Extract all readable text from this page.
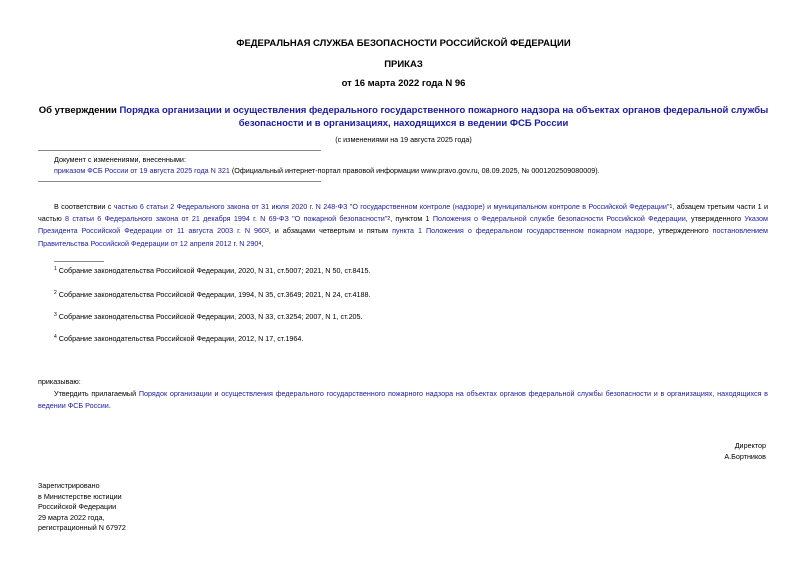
ФЕДЕРАЛЬНАЯ СЛУЖБА БЕЗОПАСНОСТИ РОССИЙСКОЙ ФЕДЕРАЦИИ
ПРИКАЗ
от 16 марта 2022 года N 96
Об утверждении Порядка организации и осуществления федерального государственного пожарного надзора на объектах органов федеральной службы
безопасности и в организациях, находящихся в ведении ФСБ России
(с изменениями на 19 августа 2025 года)
Документ с изменениями, внесенными:
приказом ФСБ России от 19 августа 2025 года N 321 (Официальный интернет-портал правовой информации www.pravo.gov.ru, 08.09.2025, № 0001202509080009).
В соответствии с частью 6 статьи 2 Федерального закона от 31 июля 2020 г. N 248-ФЗ "О государственном контроле (надзоре) и муниципальном контроле в Российской Федерации"$^1$, абзацем третьим части 1 и частью 8 статьи 6 Федерального закона от 21 декабря 1994 г. N 69-ФЗ "О пожарной безопасности"$^2$, пунктом 1 Положения о Федеральной службе безопасности Российской Федерации, утвержденного Указом Президента Российской Федерации от 11 августа 2003 г. N $960^3$, и абзацами четвертым и пятым пункта 1 Положения о федеральном государственном пожарном надзоре, утвержденного постановлением Правительства Российской Федерации от 12 апреля 2012 г. N $290^4$,
$^1$ Собрание законодательства Российской Федерации, 2020, N 31, ст.5007; 2021, N 50, ст.8415.
$^2$ Собрание законодательства Российской Федерации, 1994, N 35, ст.3649; 2021, N 24, ст.4188.
$^3$ Собрание законодательства Российской Федерации, 2003, N 33, ст.3254; 2007, N 1, ст.205.
$^4$ Собрание законодательства Российской Федерации, 2012, N 17, ст.1964.
приказываю:
Утвердить прилагаемый Порядок организации и осуществления федерального государственного пожарного надзора на объектах органов федеральной службы безопасности и в организациях, находящихся в ведении ФСБ России.
Директор
А.Бортников
Зарегистрировано
в Министерстве юстиции
Российской Федерации
29 марта 2022 года,
регистрационный N 67972
